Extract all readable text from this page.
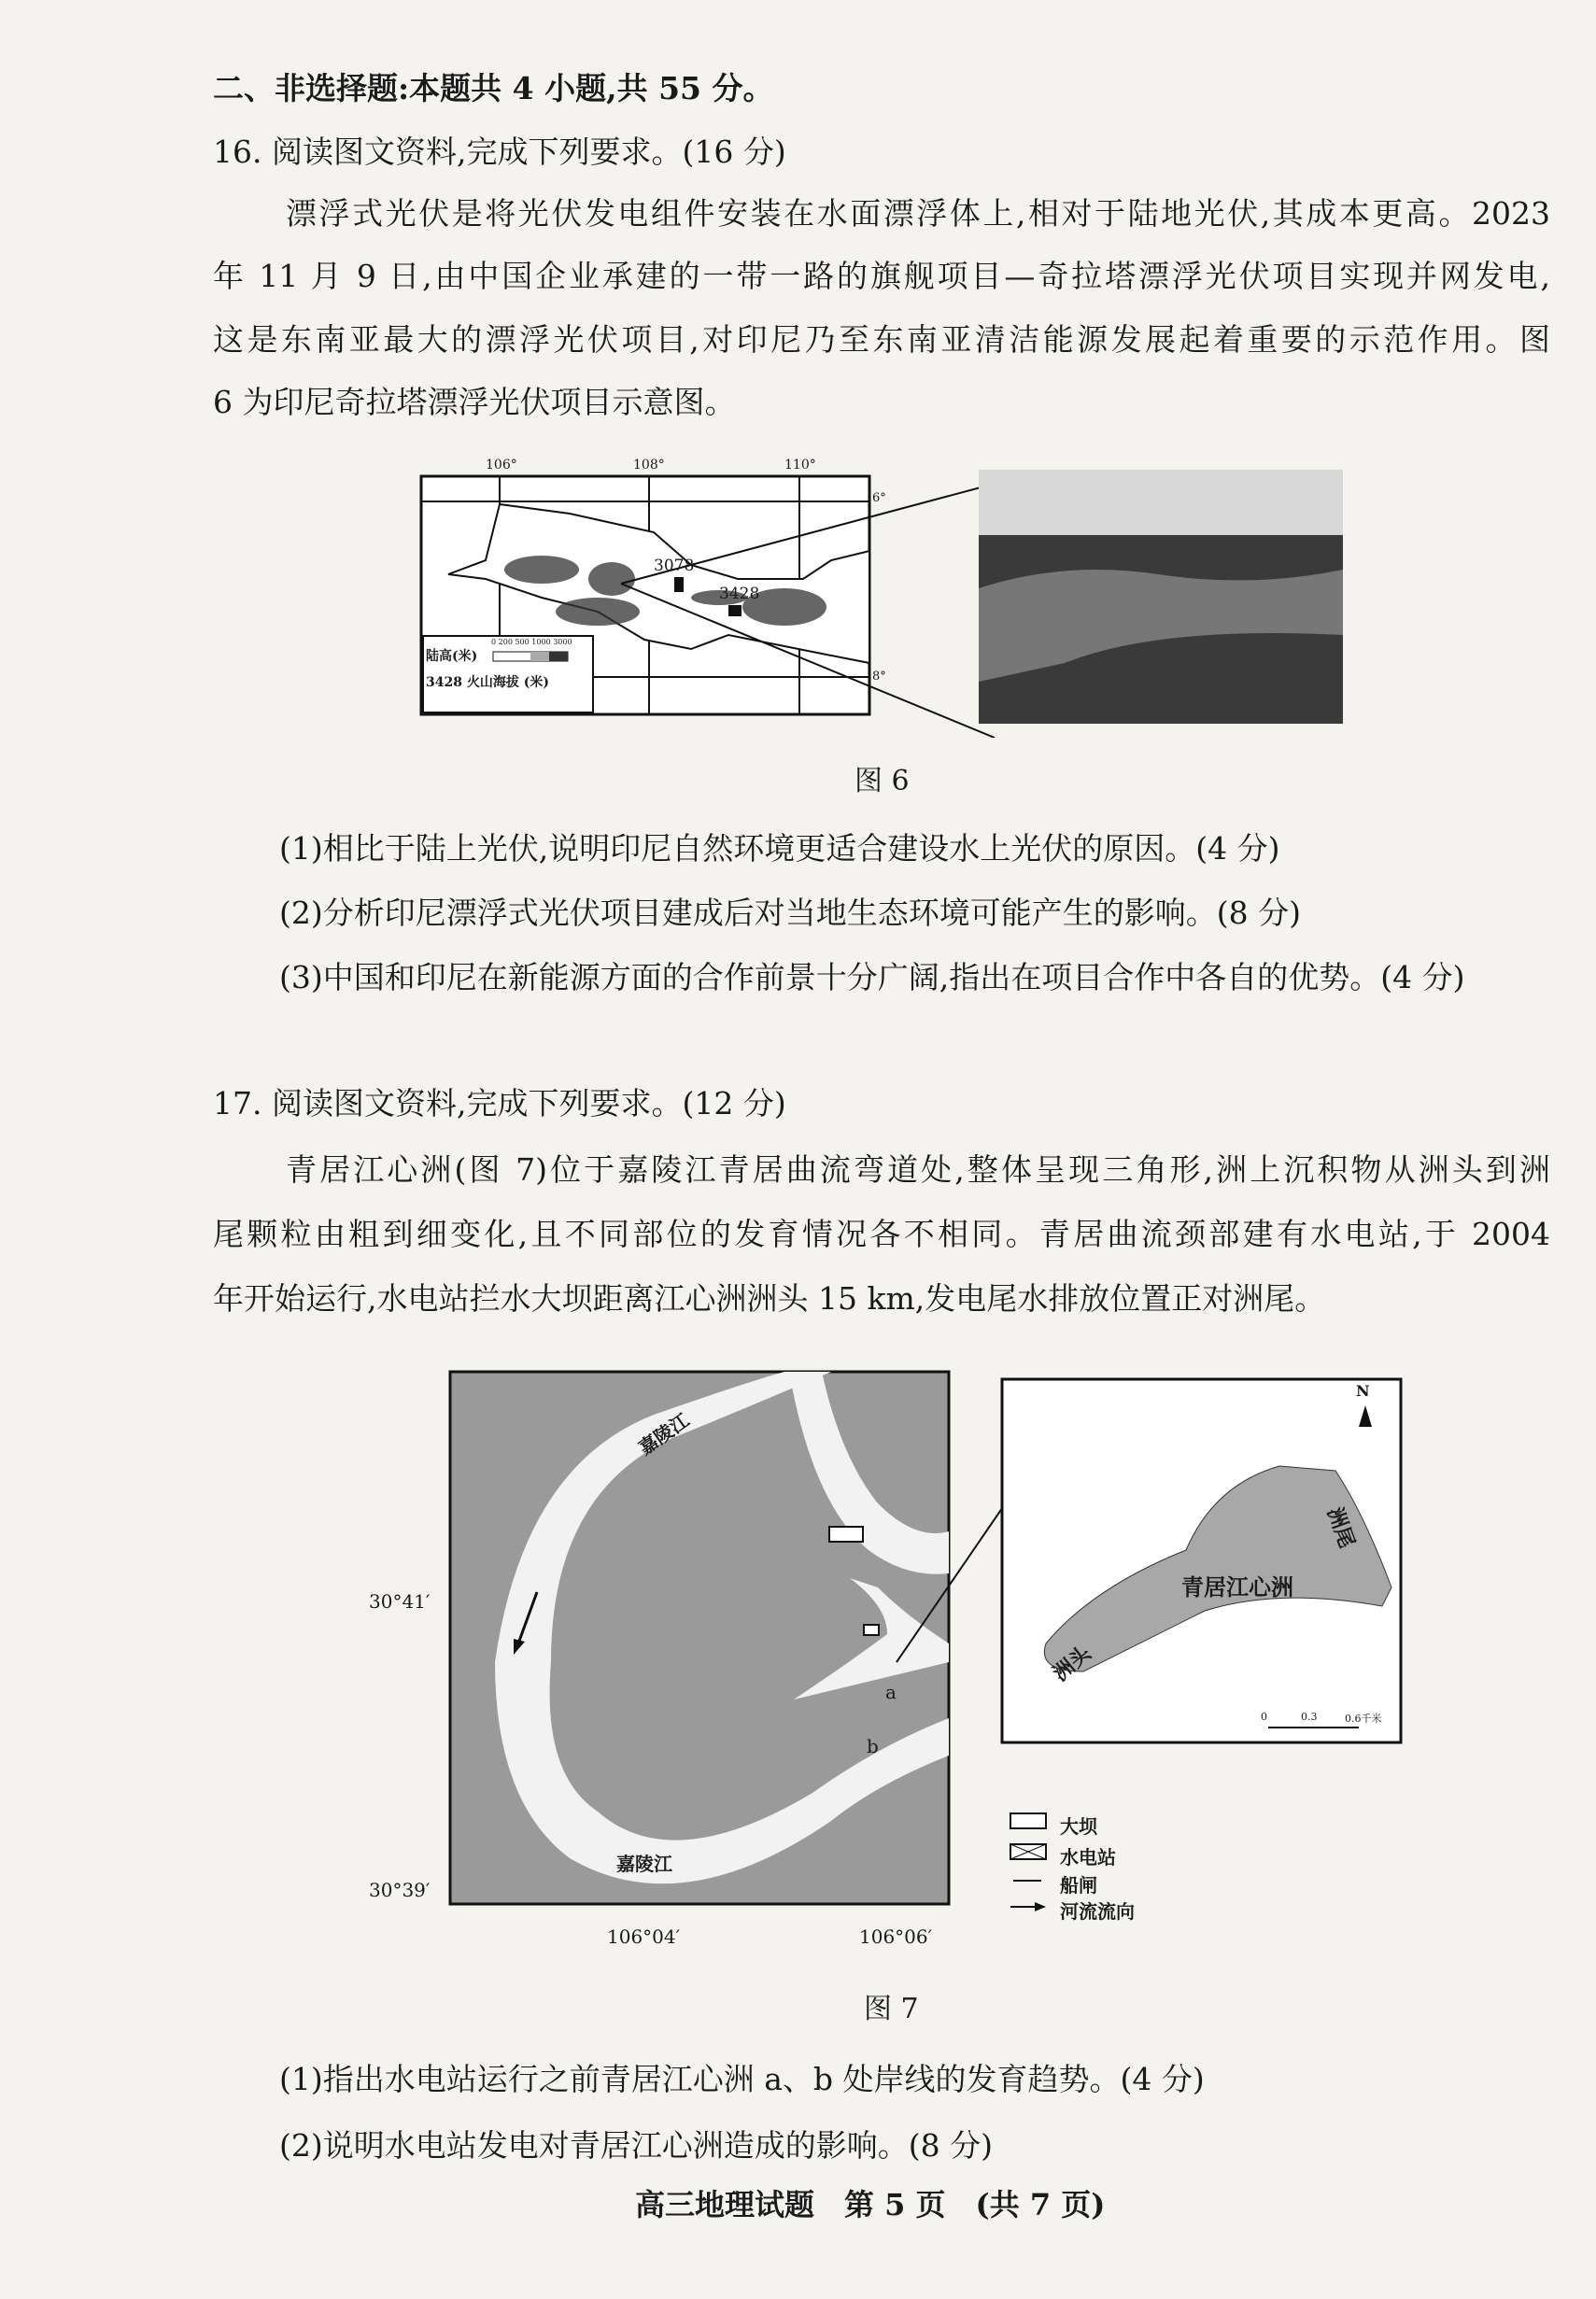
二、非选择题:本题共 4 小题,共 55 分。
16. 阅读图文资料,完成下列要求。(16 分)
漂浮式光伏是将光伏发电组件安装在水面漂浮体上,相对于陆地光伏,其成本更高。2023
年 11 月 9 日,由中国企业承建的一带一路的旗舰项目—奇拉塔漂浮光伏项目实现并网发电,
这是东南亚最大的漂浮光伏项目,对印尼乃至东南亚清洁能源发展起着重要的示范作用。图
6 为印尼奇拉塔漂浮光伏项目示意图。
106°	108°	110°
6°
8°
3078
3428
陆高(米)
0 200 500 1000 3000
3428 火山海拔 (米)
图 6
(1)相比于陆上光伏,说明印尼自然环境更适合建设水上光伏的原因。(4 分)
(2)分析印尼漂浮式光伏项目建成后对当地生态环境可能产生的影响。(8 分)
(3)中国和印尼在新能源方面的合作前景十分广阔,指出在项目合作中各自的优势。(4 分)
17. 阅读图文资料,完成下列要求。(12 分)
青居江心洲(图 7)位于嘉陵江青居曲流弯道处,整体呈现三角形,洲上沉积物从洲头到洲
尾颗粒由粗到细变化,且不同部位的发育情况各不相同。青居曲流颈部建有水电站,于 2004
年开始运行,水电站拦水大坝距离江心洲洲头 15 km,发电尾水排放位置正对洲尾。
嘉陵江
嘉陵江
30°41′
30°39′
106°04′	106°06′
a
b
N
青居江心洲
洲头
洲尾
0	0.3	0.6千米
大坝
水电站
船闸
河流流向
图 7
(1)指出水电站运行之前青居江心洲 a、b 处岸线的发育趋势。(4 分)
(2)说明水电站发电对青居江心洲造成的影响。(8 分)
高三地理试题　第 5 页　(共 7 页)
